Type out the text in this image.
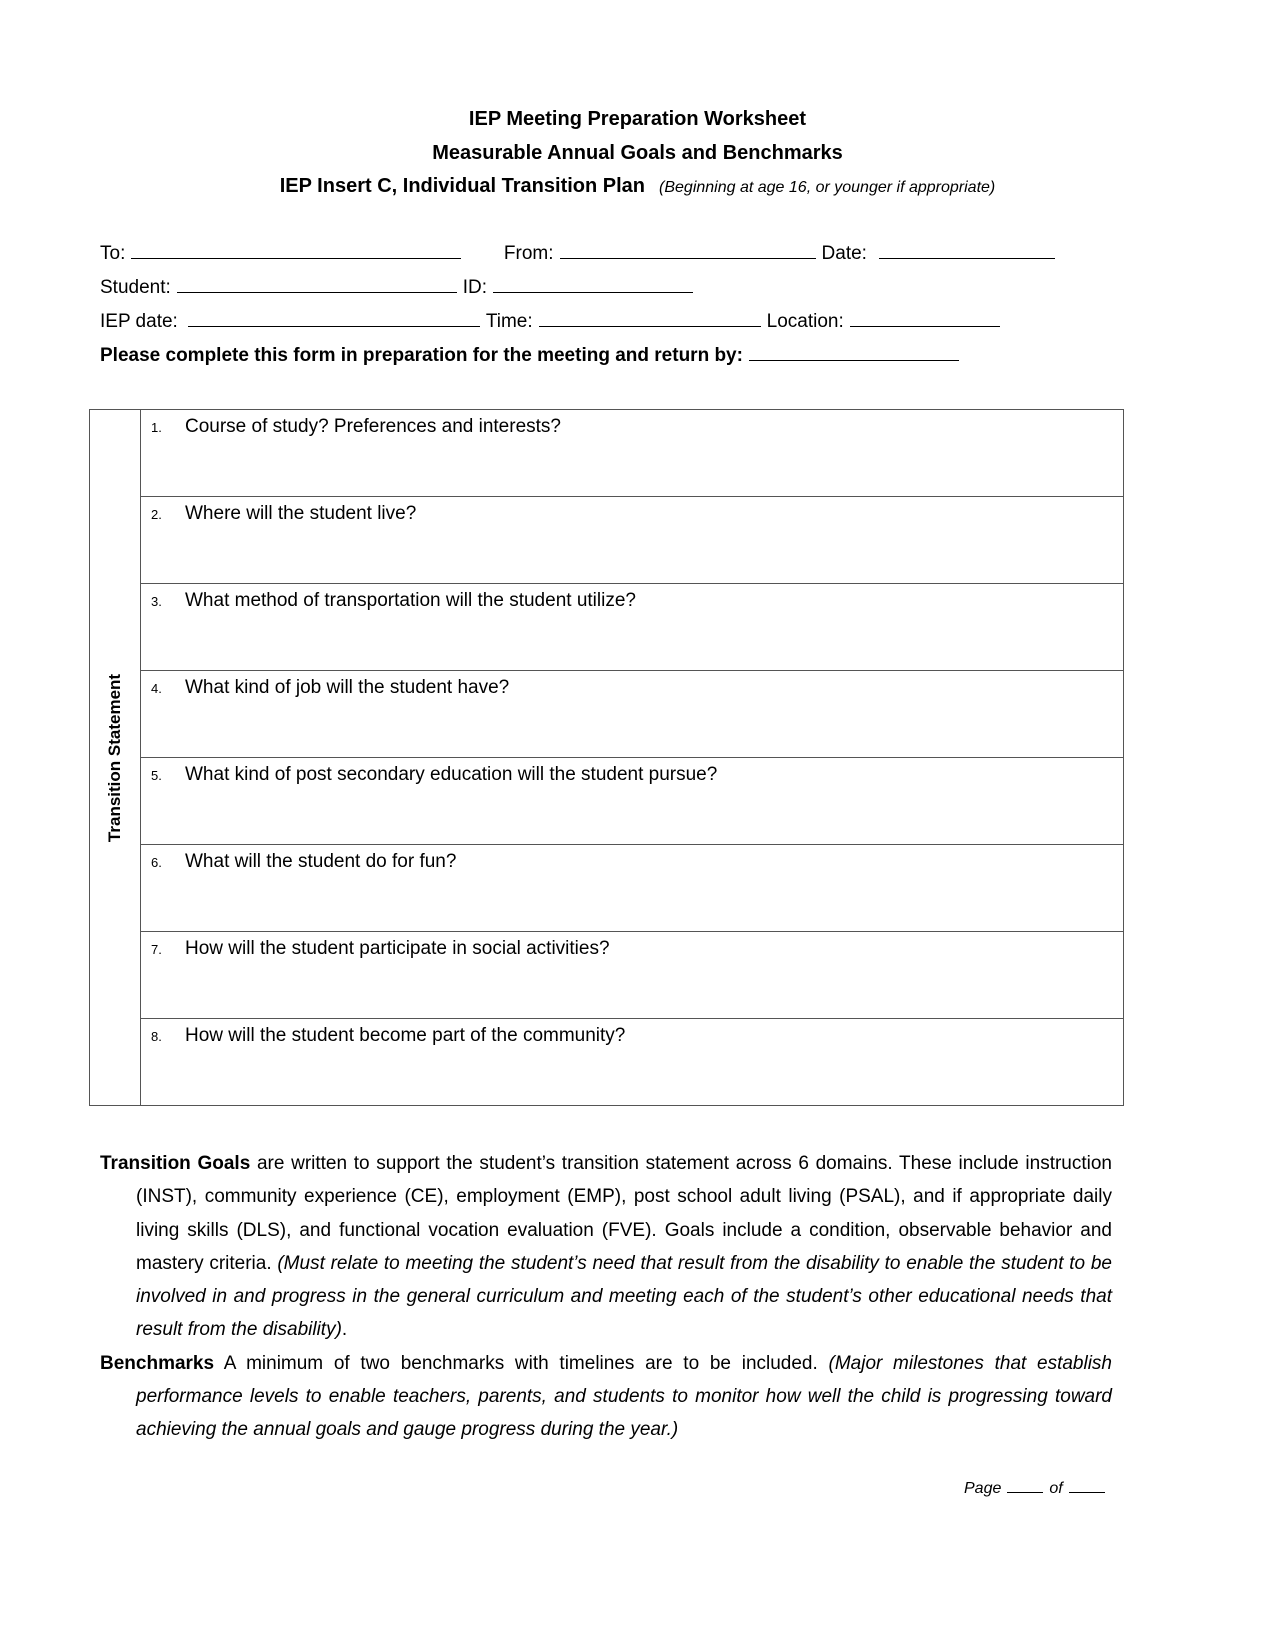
IEP Meeting Preparation Worksheet
Measurable Annual Goals and Benchmarks
IEP Insert C, Individual Transition Plan (Beginning at age 16, or younger if appropriate)
To:	From:	Date:
Student:	ID:
IEP date:	Time:	Location:
Please complete this form in preparation for the meeting and return by:
Transition Statement

1.	Course of study? Preferences and interests?

2.	Where will the student live?

3.	What method of transportation will the student utilize?

4.	What kind of job will the student have?

5.	What kind of post secondary education will the student pursue?

6.	What will the student do for fun?

7.	How will the student participate in social activities?

8.	How will the student become part of the community?

Transition Goals are written to support the student’s transition statement across 6 domains. These include instruction (INST), community experience (CE), employment (EMP), post school adult living (PSAL), and if appropriate daily living skills (DLS), and functional vocation evaluation (FVE). Goals include a condition, observable behavior and mastery criteria. (Must relate to meeting the student’s need that result from the disability to enable the student to be involved in and progress in the general curriculum and meeting each of the student’s other educational needs that result from the disability).

Benchmarks A minimum of two benchmarks with timelines are to be included. (Major milestones that establish performance levels to enable teachers, parents, and students to monitor how well the child is progressing toward achieving the annual goals and gauge progress during the year.)

Page	of
